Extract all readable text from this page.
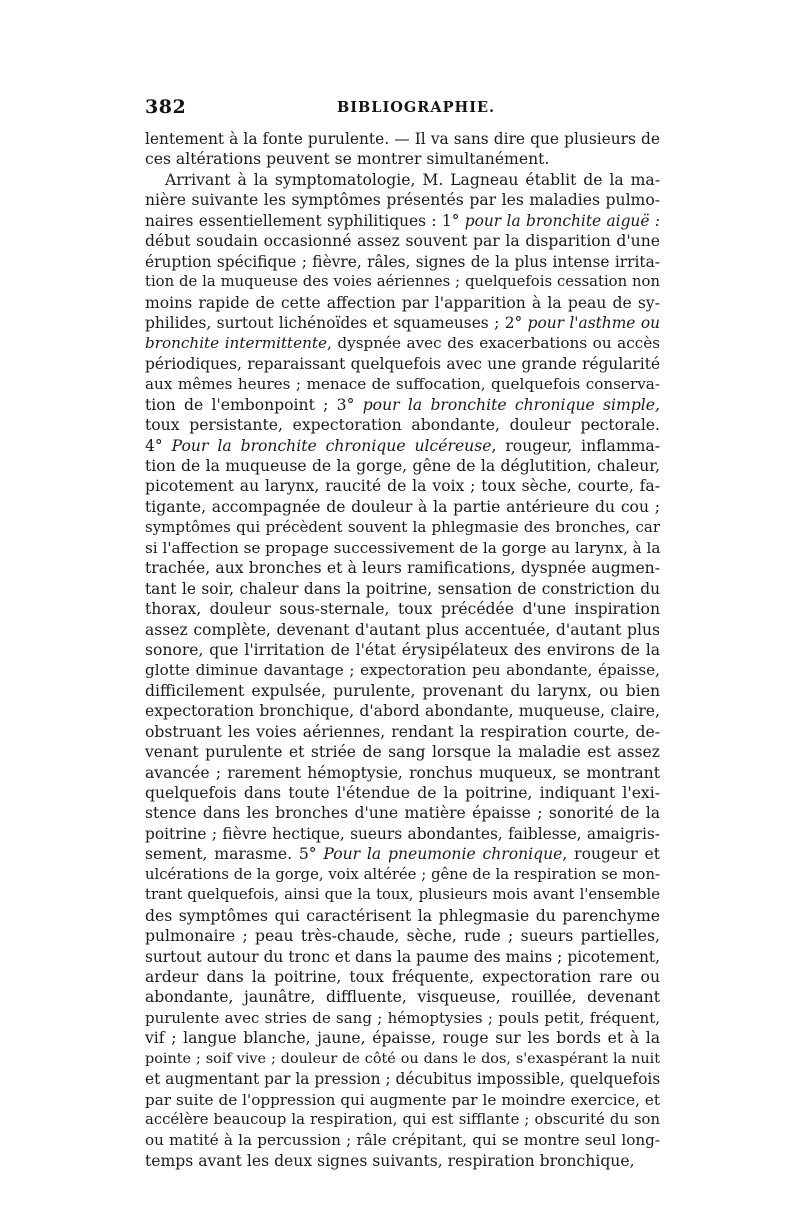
382	BIBLIOGRAPHIE.
lentement à la fonte purulente. — Il va sans dire que plusieurs de
ces altérations peuvent se montrer simultanément.
Arrivant à la symptomatologie, M. Lagneau établit de la ma-
nière suivante les symptômes présentés par les maladies pulmo-
naires essentiellement syphilitiques : 1° pour la bronchite aiguë :
début soudain occasionné assez souvent par la disparition d'une
éruption spécifique ; fièvre, râles, signes de la plus intense irrita-
tion de la muqueuse des voies aériennes ; quelquefois cessation non
moins rapide de cette affection par l'apparition à la peau de sy-
philides, surtout lichénoïdes et squameuses ; 2° pour l'asthme ou
bronchite intermittente, dyspnée avec des exacerbations ou accès
périodiques, reparaissant quelquefois avec une grande régularité
aux mêmes heures ; menace de suffocation, quelquefois conserva-
tion de l'embonpoint ; 3° pour la bronchite chronique simple,
toux persistante, expectoration abondante, douleur pectorale.
4° Pour la bronchite chronique ulcéreuse, rougeur, inflamma-
tion de la muqueuse de la gorge, gêne de la déglutition, chaleur,
picotement au larynx, raucité de la voix ; toux sèche, courte, fa-
tigante, accompagnée de douleur à la partie antérieure du cou ;
symptômes qui précèdent souvent la phlegmasie des bronches, car
si l'affection se propage successivement de la gorge au larynx, à la
trachée, aux bronches et à leurs ramifications, dyspnée augmen-
tant le soir, chaleur dans la poitrine, sensation de constriction du
thorax, douleur sous-sternale, toux précédée d'une inspiration
assez complète, devenant d'autant plus accentuée, d'autant plus
sonore, que l'irritation de l'état érysipélateux des environs de la
glotte diminue davantage ; expectoration peu abondante, épaisse,
difficilement expulsée, purulente, provenant du larynx, ou bien
expectoration bronchique, d'abord abondante, muqueuse, claire,
obstruant les voies aériennes, rendant la respiration courte, de-
venant purulente et striée de sang lorsque la maladie est assez
avancée ; rarement hémoptysie, ronchus muqueux, se montrant
quelquefois dans toute l'étendue de la poitrine, indiquant l'exi-
stence dans les bronches d'une matière épaisse ; sonorité de la
poitrine ; fièvre hectique, sueurs abondantes, faiblesse, amaigris-
sement, marasme. 5° Pour la pneumonie chronique, rougeur et
ulcérations de la gorge, voix altérée ; gêne de la respiration se mon-
trant quelquefois, ainsi que la toux, plusieurs mois avant l'ensemble
des symptômes qui caractérisent la phlegmasie du parenchyme
pulmonaire ; peau très-chaude, sèche, rude ; sueurs partielles,
surtout autour du tronc et dans la paume des mains ; picotement,
ardeur dans la poitrine, toux fréquente, expectoration rare ou
abondante, jaunâtre, diffluente, visqueuse, rouillée, devenant
purulente avec stries de sang ; hémoptysies ; pouls petit, fréquent,
vif ; langue blanche, jaune, épaisse, rouge sur les bords et à la
pointe ; soif vive ; douleur de côté ou dans le dos, s'exaspérant la nuit
et augmentant par la pression ; décubitus impossible, quelquefois
par suite de l'oppression qui augmente par le moindre exercice, et
accélère beaucoup la respiration, qui est sifflante ; obscurité du son
ou matité à la percussion ; râle crépitant, qui se montre seul long-
temps avant les deux signes suivants, respiration bronchique,
